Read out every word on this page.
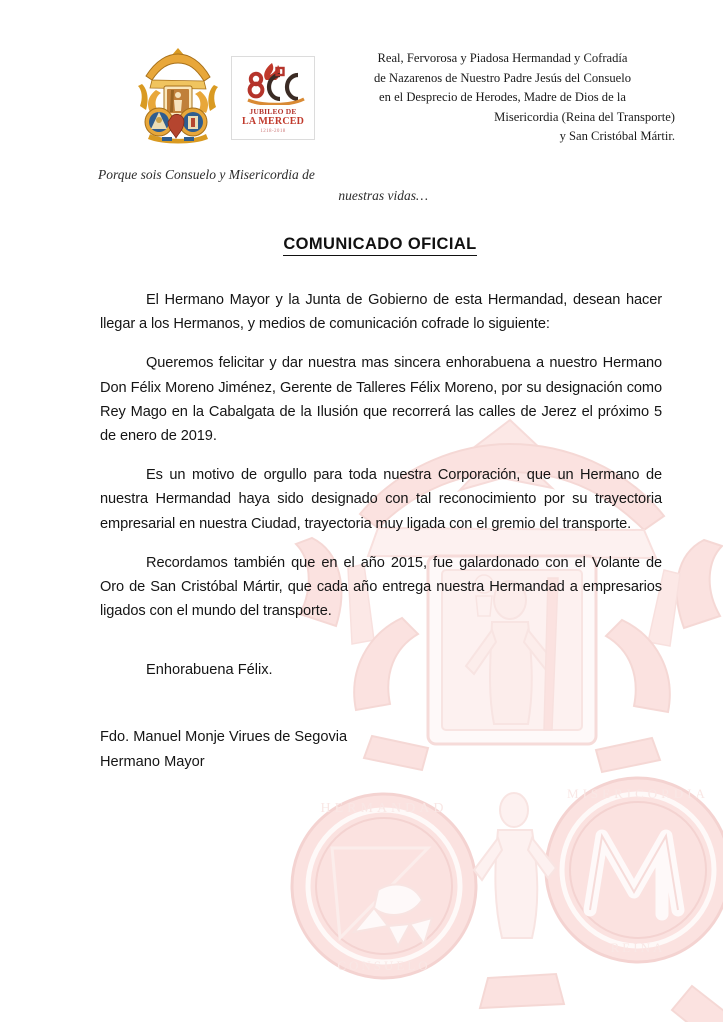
HERMANDAD
CONSUELO
MISERICORDIA
REINA
JUBILEO DE
LA MERCED
1218-2018
Real, Fervorosa y Piadosa Hermandad y Cofradía
de Nazarenos de Nuestro Padre Jesús del Consuelo
en el Desprecio de Herodes, Madre de Dios de la
Misericordia (Reina del Transporte)
y San Cristóbal Mártir.
Porque sois Consuelo y Misericordia de
nuestras vidas…
COMUNICADO OFICIAL

El Hermano Mayor y la Junta de Gobierno de esta Hermandad, desean hacer llegar a los Hermanos, y medios de comunicación cofrade lo siguiente:

Queremos felicitar y dar nuestra mas sincera enhorabuena a nuestro Hermano Don Félix Moreno Jiménez, Gerente de Talleres Félix Moreno, por su designación como Rey Mago en la Cabalgata de la Ilusión que recorrerá las calles de Jerez el próximo 5 de enero de 2019.

Es un motivo de orgullo para toda nuestra Corporación, que un Hermano de nuestra Hermandad haya sido designado con tal reconocimiento por su trayectoria empresarial en nuestra Ciudad, trayectoria muy ligada con el gremio del transporte.

Recordamos también que en el año 2015, fue galardonado con el Volante de Oro de San Cristóbal Mártir, que cada año entrega nuestra Hermandad a empresarios ligados con el mundo del transporte.

Enhorabuena Félix.
Fdo. Manuel Monje Virues de Segovia
Hermano Mayor
